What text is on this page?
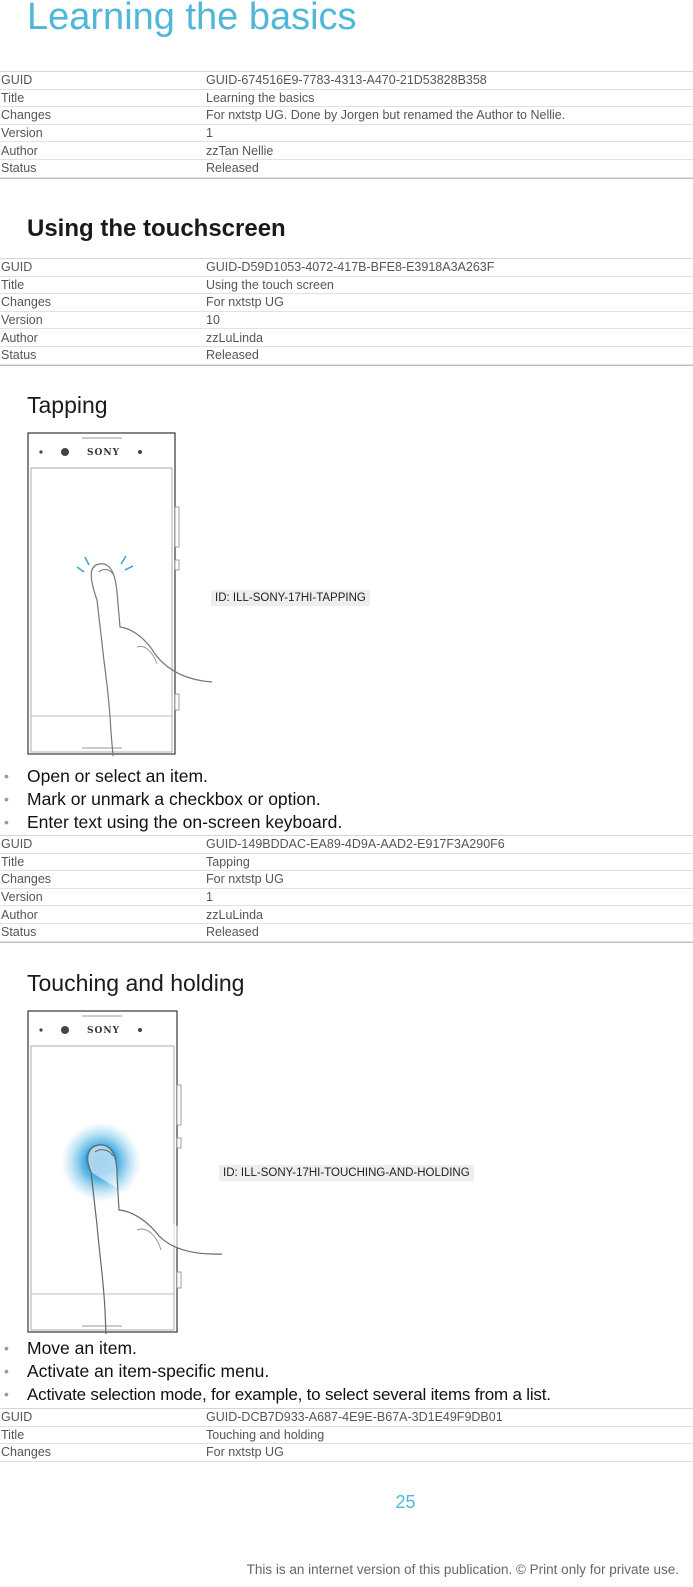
Learning the basics
GUID	GUID-674516E9-7783-4313-A470-21D53828B358
Title	Learning the basics
Changes	For nxtstp UG. Done by Jorgen but renamed the Author to Nellie.
Version	1
Author	zzTan Nellie
Status	Released
Using the touchscreen
GUID	GUID-D59D1053-4072-417B-BFE8-E3918A3A263F
Title	Using the touch screen
Changes	For nxtstp UG
Version	10
Author	zzLuLinda
Status	Released
Tapping
SONY
ID: ILL-SONY-17HI-TAPPING
• Open or select an item.
• Mark or unmark a checkbox or option.
• Enter text using the on-screen keyboard.
GUID	GUID-149BDDAC-EA89-4D9A-AAD2-E917F3A290F6
Title	Tapping
Changes	For nxtstp UG
Version	1
Author	zzLuLinda
Status	Released
Touching and holding
SONY
ID: ILL-SONY-17HI-TOUCHING-AND-HOLDING
• Move an item.
• Activate an item-specific menu.
• Activate selection mode, for example, to select several items from a list.
GUID	GUID-DCB7D933-A687-4E9E-B67A-3D1E49F9DB01
Title	Touching and holding
Changes	For nxtstp UG
25
This is an internet version of this publication. © Print only for private use.
